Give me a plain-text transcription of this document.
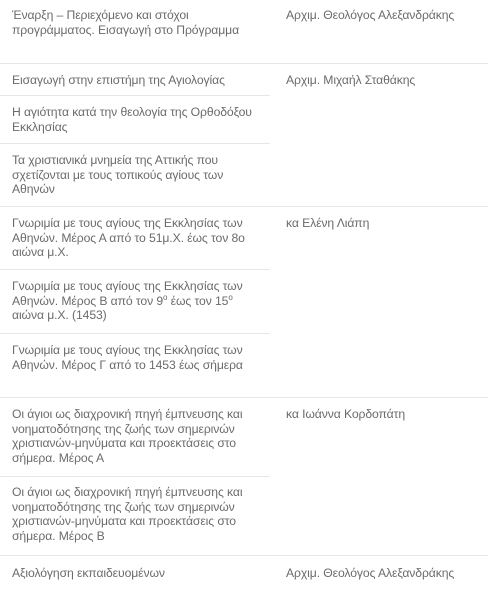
Έναρξη – Περιεχόμενο και στόχοι προγράμματος. Εισαγωγή στο Πρόγραμμα
Αρχιμ. Θεολόγος Αλεξανδράκης
Εισαγωγή στην επιστήμη της Αγιολογίας	Αρχιμ. Μιχαήλ Σταθάκης
Η αγιότητα κατά την θεολογία της Ορθοδόξου Εκκλησίας
Τα χριστιανικά μνημεία της Αττικής που σχετίζονται με τους τοπικούς αγίους των Αθηνών
Γνωριμία με τους αγίους της Εκκλησίας των Αθηνών. Μέρος Α από το 51μ.Χ. έως τον 8ο αιώνα μ.Χ.
κα Ελένη Λιάπη
Γνωριμία με τους αγίους της Εκκλησίας των Αθηνών. Μέρος Β από τον $9^o$ έως τον $15^o$ αιώνα μ.Χ. (1453)
Γνωριμία με τους αγίους της Εκκλησίας των Αθηνών. Μέρος Γ από το 1453 έως σήμερα
Οι άγιοι ως διαχρονική πηγή έμπνευσης και νοηματοδότησης της ζωής των σημερινών χριστιανών-μηνύματα και προεκτάσεις στο σήμερα. Μέρος Α
κα Ιωάννα Κορδοπάτη
Οι άγιοι ως διαχρονική πηγή έμπνευσης και νοηματοδότησης της ζωής των σημερινών χριστιανών-μηνύματα και προεκτάσεις στο σήμερα. Μέρος Β
Αξιολόγηση εκπαιδευομένων	Αρχιμ. Θεολόγος Αλεξανδράκης
